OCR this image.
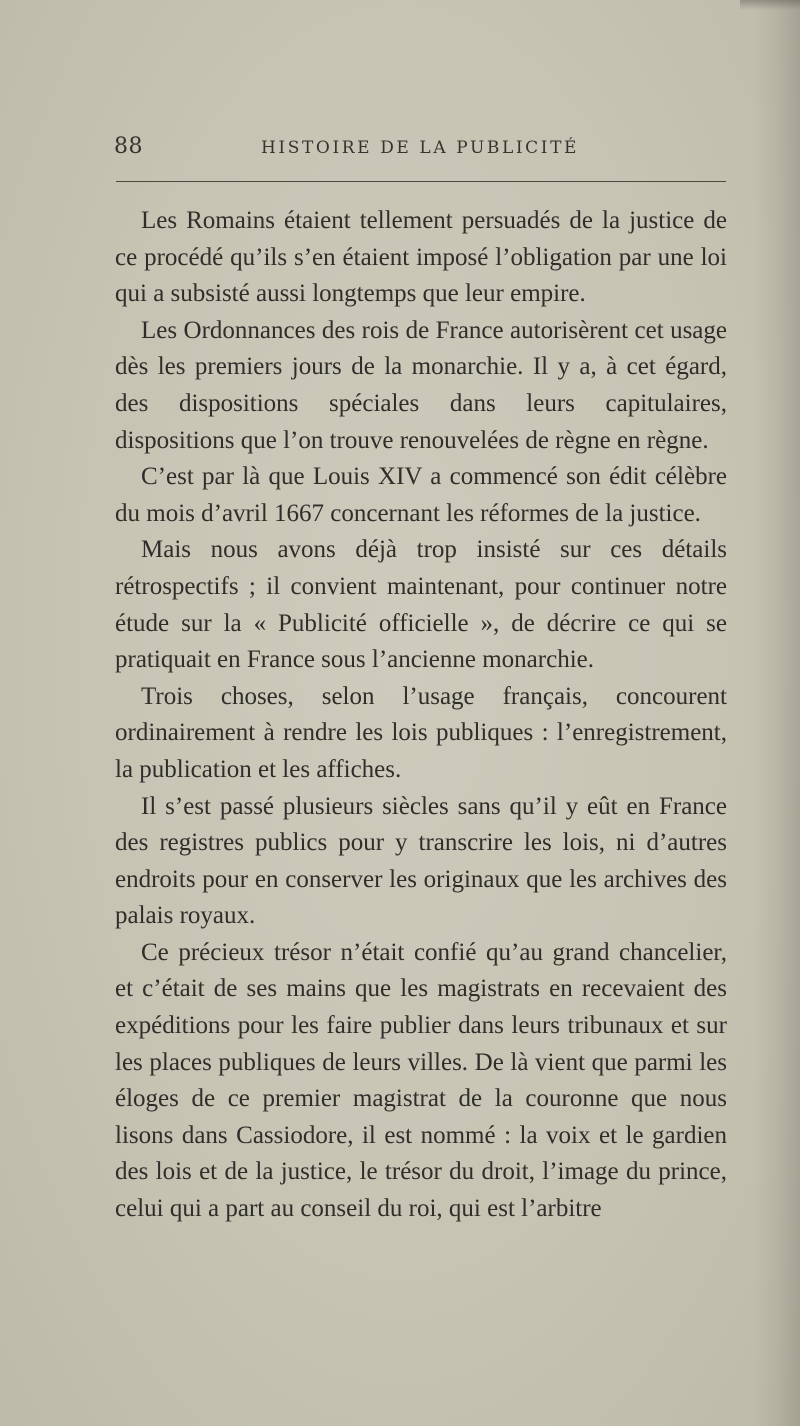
88	HISTOIRE DE LA PUBLICITÉ

Les Romains étaient tellement persuadés de la justice de ce procédé qu’ils s’en étaient imposé l’obligation par une loi qui a subsisté aussi longtemps que leur empire.

Les Ordonnances des rois de France autorisèrent cet usage dès les premiers jours de la monarchie. Il y a, à cet égard, des dispositions spéciales dans leurs capitulaires, dispositions que l’on trouve renouvelées de règne en règne.

C’est par là que Louis XIV a commencé son édit célèbre du mois d’avril 1667 concernant les réformes de la justice.

Mais nous avons déjà trop insisté sur ces détails rétrospectifs ; il convient maintenant, pour continuer notre étude sur la « Publicité officielle », de décrire ce qui se pratiquait en France sous l’ancienne monarchie.

Trois choses, selon l’usage français, concourent ordinairement à rendre les lois publiques : l’enregistrement, la publication et les affiches.

Il s’est passé plusieurs siècles sans qu’il y eût en France des registres publics pour y transcrire les lois, ni d’autres endroits pour en conserver les originaux que les archives des palais royaux.

Ce précieux trésor n’était confié qu’au grand chancelier, et c’était de ses mains que les magistrats en recevaient des expéditions pour les faire publier dans leurs tribunaux et sur les places publiques de leurs villes. De là vient que parmi les éloges de ce premier magistrat de la couronne que nous lisons dans Cassiodore, il est nommé : la voix et le gardien des lois et de la justice, le trésor du droit, l’image du prince, celui qui a part au conseil du roi, qui est l’arbitre
